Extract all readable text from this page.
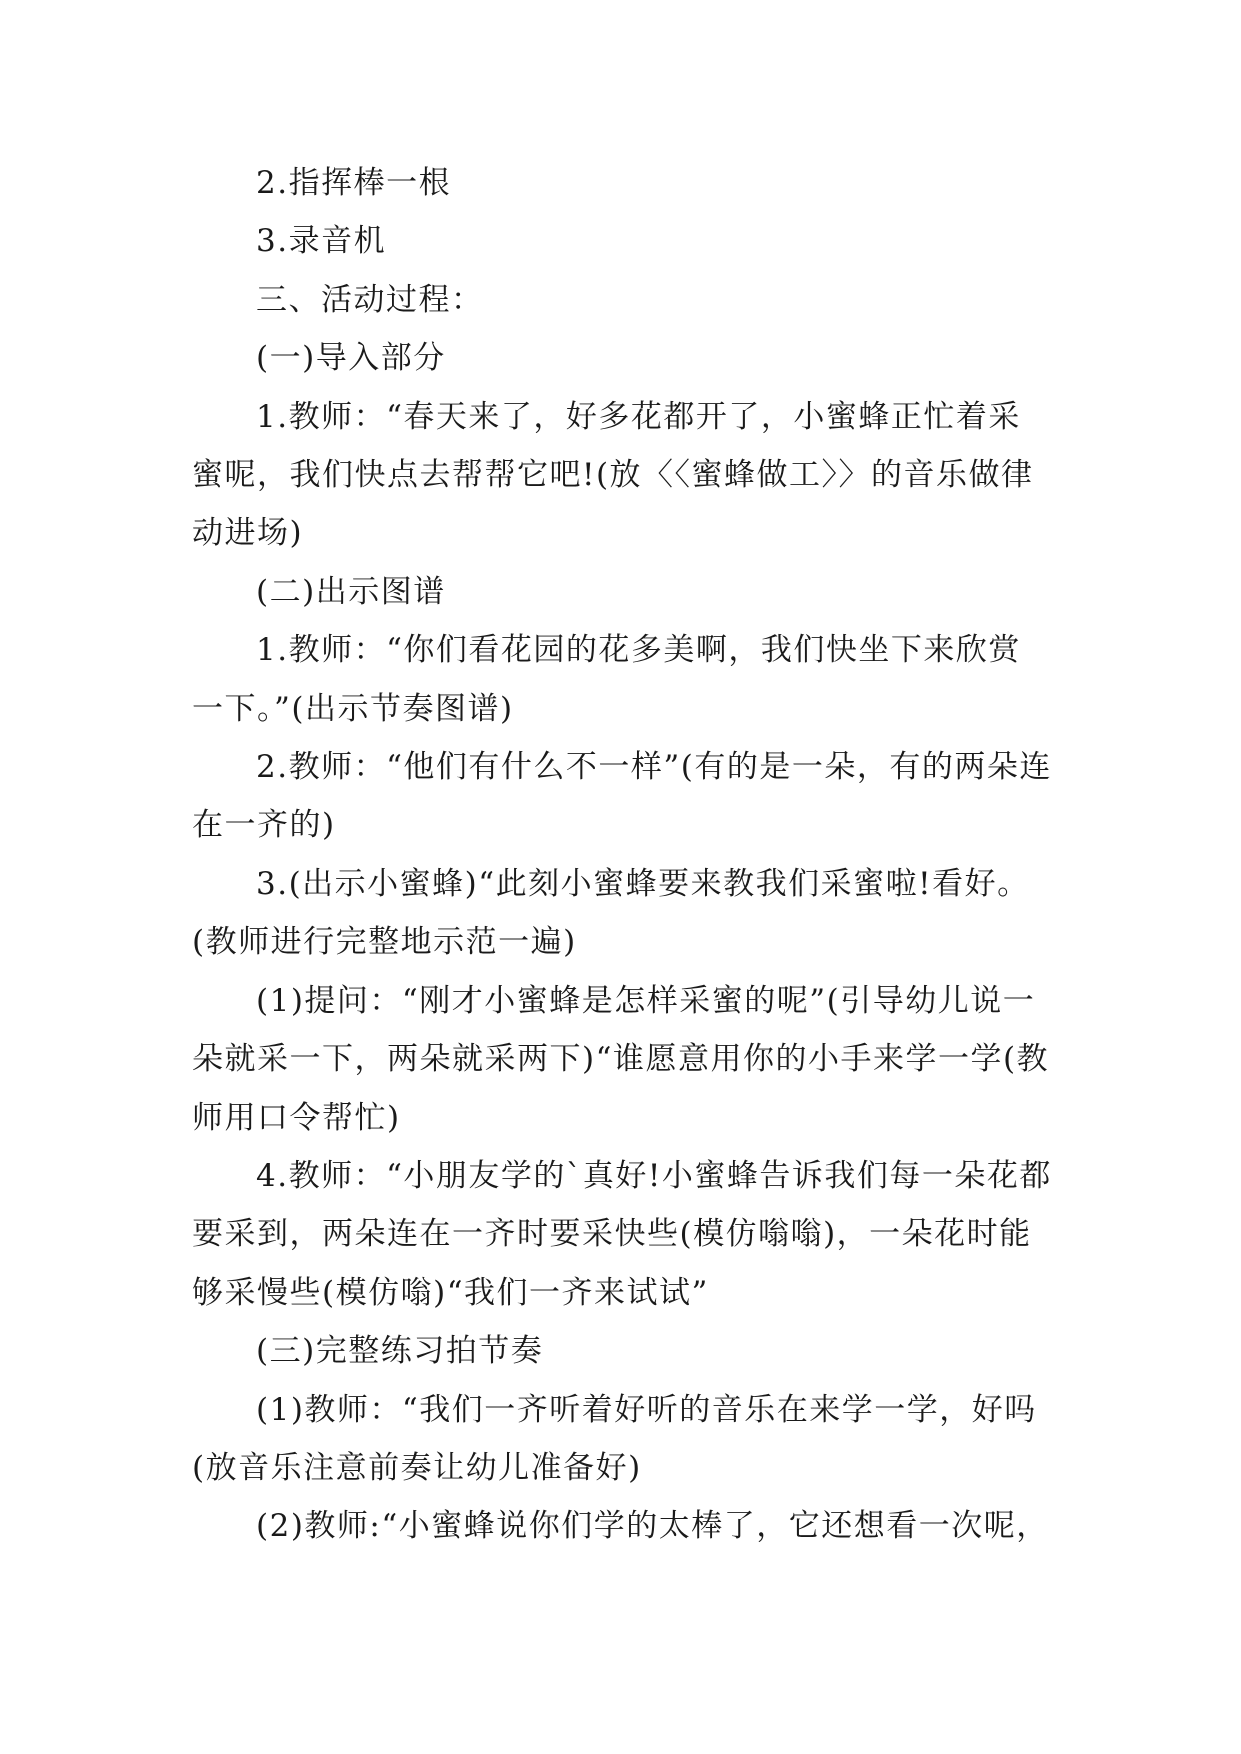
2.指挥棒一根

3.录音机

三、活动过程：

(一)导入部分

1.教师：“春天来了，好多花都开了，小蜜蜂正忙着采蜜呢，我们快点去帮帮它吧!(放〈〈蜜蜂做工〉〉的音乐做律动进场)

(二)出示图谱

1.教师：“你们看花园的花多美啊，我们快坐下来欣赏一下。”(出示节奏图谱)

2.教师：“他们有什么不一样”(有的是一朵，有的两朵连在一齐的)

3.(出示小蜜蜂)“此刻小蜜蜂要来教我们采蜜啦!看好。(教师进行完整地示范一遍)

(1)提问：“刚才小蜜蜂是怎样采蜜的呢”(引导幼儿说一朵就采一下，两朵就采两下)“谁愿意用你的小手来学一学(教师用口令帮忙)

4.教师：“小朋友学的`真好!小蜜蜂告诉我们每一朵花都要采到，两朵连在一齐时要采快些(模仿嗡嗡)，一朵花时能够采慢些(模仿嗡)“我们一齐来试试”

(三)完整练习拍节奏

(1)教师：“我们一齐听着好听的音乐在来学一学，好吗(放音乐注意前奏让幼儿准备好)

(2)教师:“小蜜蜂说你们学的太棒了，它还想看一次呢，
